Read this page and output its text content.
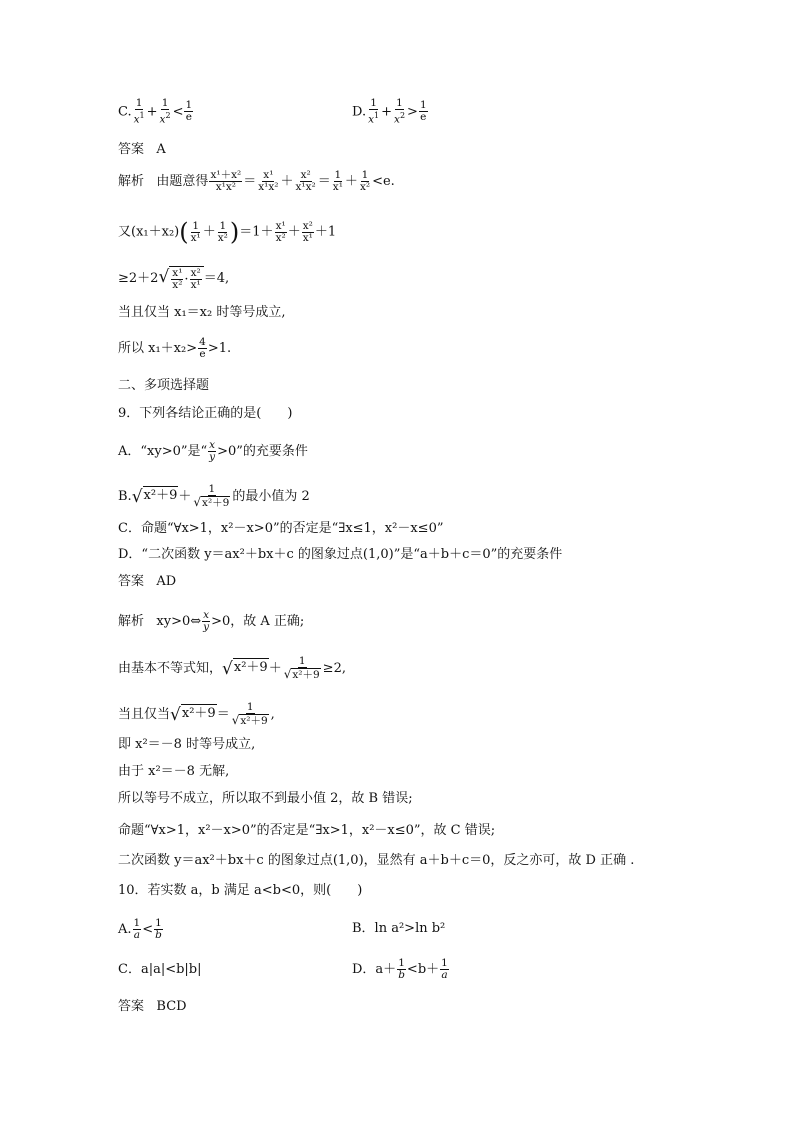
C. $\frac{1}{x^1} + \frac{1}{x^2} < \frac{1}{e}$	D. $\frac{1}{x^1} + \frac{1}{x^2} > \frac{1}{e}$
答案 A
解析 由题意得 $\frac{\text{x¹＋x²}}{\text{x¹x²}} = \frac{\text{x¹}}{\text{x¹x²}} + \frac{\text{x²}}{\text{x¹x²}} = \frac{1}{\text{x¹}} + \frac{1}{\text{x²}} <e$.
又$(x_1+x_2)( \frac{1}{\text{x¹}} + \frac{1}{\text{x²}} )=1+ \frac{\text{x¹}}{\text{x²}} + \frac{\text{x²}}{\text{x¹}} +1$
≥2＋2 √ $\frac{\text{x¹}}{\text{x²}} \cdot \frac{\text{x²}}{\text{x¹}} =4$,
当且仅当 x₁＝x₂ 时等号成立,
所以 $x_1+x_2> \frac{4}{e} >1$.
二、多项选择题
9．下列各结论正确的是(　　)
A．“xy>0”是“ $\frac{x}{y} >0$”的充要条件
B. √ $x^2+9 + \frac{1}{\text{√ x²＋9}}$ 的最小值为 2
C．命题“∀x>1，x²－x>0”的否定是“∃x≤1，x²－x≤0”
D．“二次函数 y＝ax²＋bx＋c 的图象过点(1,0)”是“a＋b＋c＝0”的充要条件
答案 AD
解析 xy>0⇔ $\frac{x}{y} >0$，故 A 正确;
由基本不等式知， √ $x^2+9 + \frac{1}{\text{√ x²＋9}} \ge 2$,
当且仅当 √ $x^2+9 = \frac{1}{\text{√ x²＋9}}$ ,
即 x²＝－8 时等号成立,
由于 x²＝－8 无解,
所以等号不成立，所以取不到最小值 2，故 B 错误;
命题“∀x>1，x²－x>0”的否定是“∃x>1，x²－x≤0”，故 C 错误;
二次函数 y＝ax²＋bx＋c 的图象过点(1,0)，显然有 a＋b＋c＝0，反之亦可，故 D 正确 .
10．若实数 a，b 满足 a<b<0，则(　　)
A. $\frac{1}{a} < \frac{1}{b}$	B．ln a²>ln b²
C．a|a|<b|b|	D．$a+ \frac{1}{b} <b+ \frac{1}{a}$
答案 BCD
